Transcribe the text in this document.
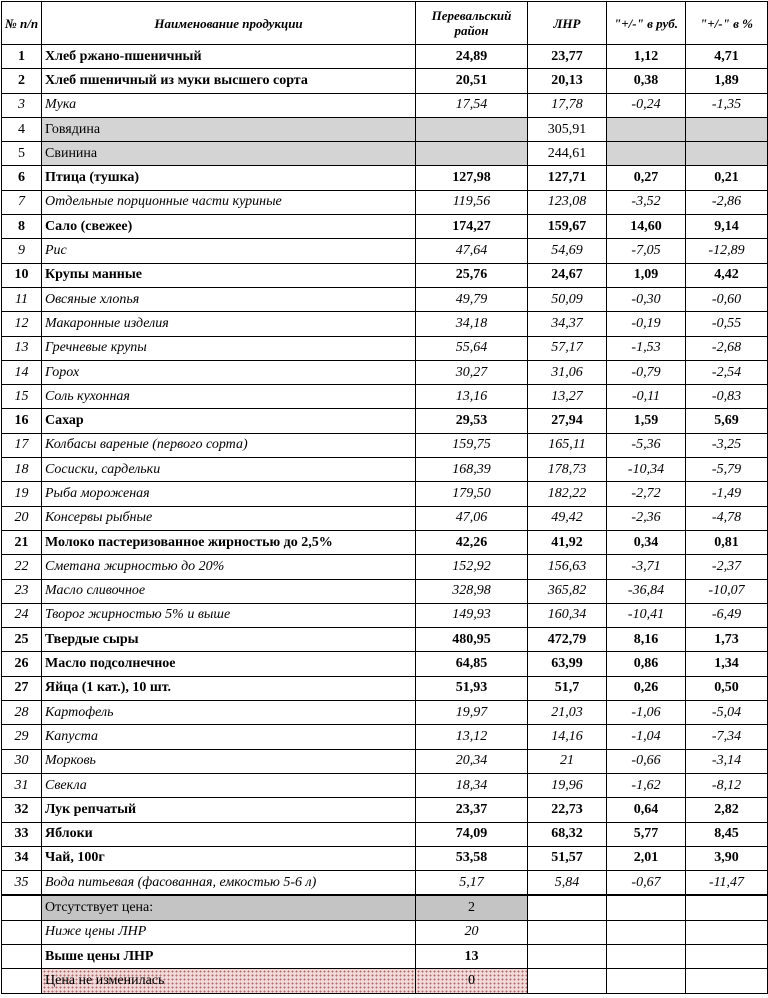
№ п/п	Наименование продукции	Перевальский район	ЛНР	"+/-" в руб.	"+/-" в %
1	Хлеб ржано-пшеничный	24,89	23,77	1,12	4,71
2	Хлеб пшеничный из муки высшего сорта	20,51	20,13	0,38	1,89
3	Мука	17,54	17,78	-0,24	-1,35
4	Говядина		305,91		
5	Свинина		244,61		
6	Птица (тушка)	127,98	127,71	0,27	0,21
7	Отдельные порционные части куриные	119,56	123,08	-3,52	-2,86
8	Сало (свежее)	174,27	159,67	14,60	9,14
9	Рис	47,64	54,69	-7,05	-12,89
10	Крупы манные	25,76	24,67	1,09	4,42
11	Овсяные хлопья	49,79	50,09	-0,30	-0,60
12	Макаронные изделия	34,18	34,37	-0,19	-0,55
13	Гречневые крупы	55,64	57,17	-1,53	-2,68
14	Горох	30,27	31,06	-0,79	-2,54
15	Соль кухонная	13,16	13,27	-0,11	-0,83
16	Сахар	29,53	27,94	1,59	5,69
17	Колбасы вареные (первого сорта)	159,75	165,11	-5,36	-3,25
18	Сосиски, сардельки	168,39	178,73	-10,34	-5,79
19	Рыба мороженая	179,50	182,22	-2,72	-1,49
20	Консервы рыбные	47,06	49,42	-2,36	-4,78
21	Молоко пастеризованное жирностью до 2,5%	42,26	41,92	0,34	0,81
22	Сметана жирностью до 20%	152,92	156,63	-3,71	-2,37
23	Масло сливочное	328,98	365,82	-36,84	-10,07
24	Творог жирностью 5% и выше	149,93	160,34	-10,41	-6,49
25	Твердые сыры	480,95	472,79	8,16	1,73
26	Масло подсолнечное	64,85	63,99	0,86	1,34
27	Яйца (1 кат.), 10 шт.	51,93	51,7	0,26	0,50
28	Картофель	19,97	21,03	-1,06	-5,04
29	Капуста	13,12	14,16	-1,04	-7,34
30	Морковь	20,34	21	-0,66	-3,14
31	Свекла	18,34	19,96	-1,62	-8,12
32	Лук репчатый	23,37	22,73	0,64	2,82
33	Яблоки	74,09	68,32	5,77	8,45
34	Чай, 100г	53,58	51,57	2,01	3,90
35	Вода питьевая (фасованная, емкостью 5-6 л)	5,17	5,84	-0,67	-11,47
	Отсутствует цена:	2			
	Ниже цены ЛНР	20			
	Выше цены ЛНР	13			
	Цена не изменилась	0			
